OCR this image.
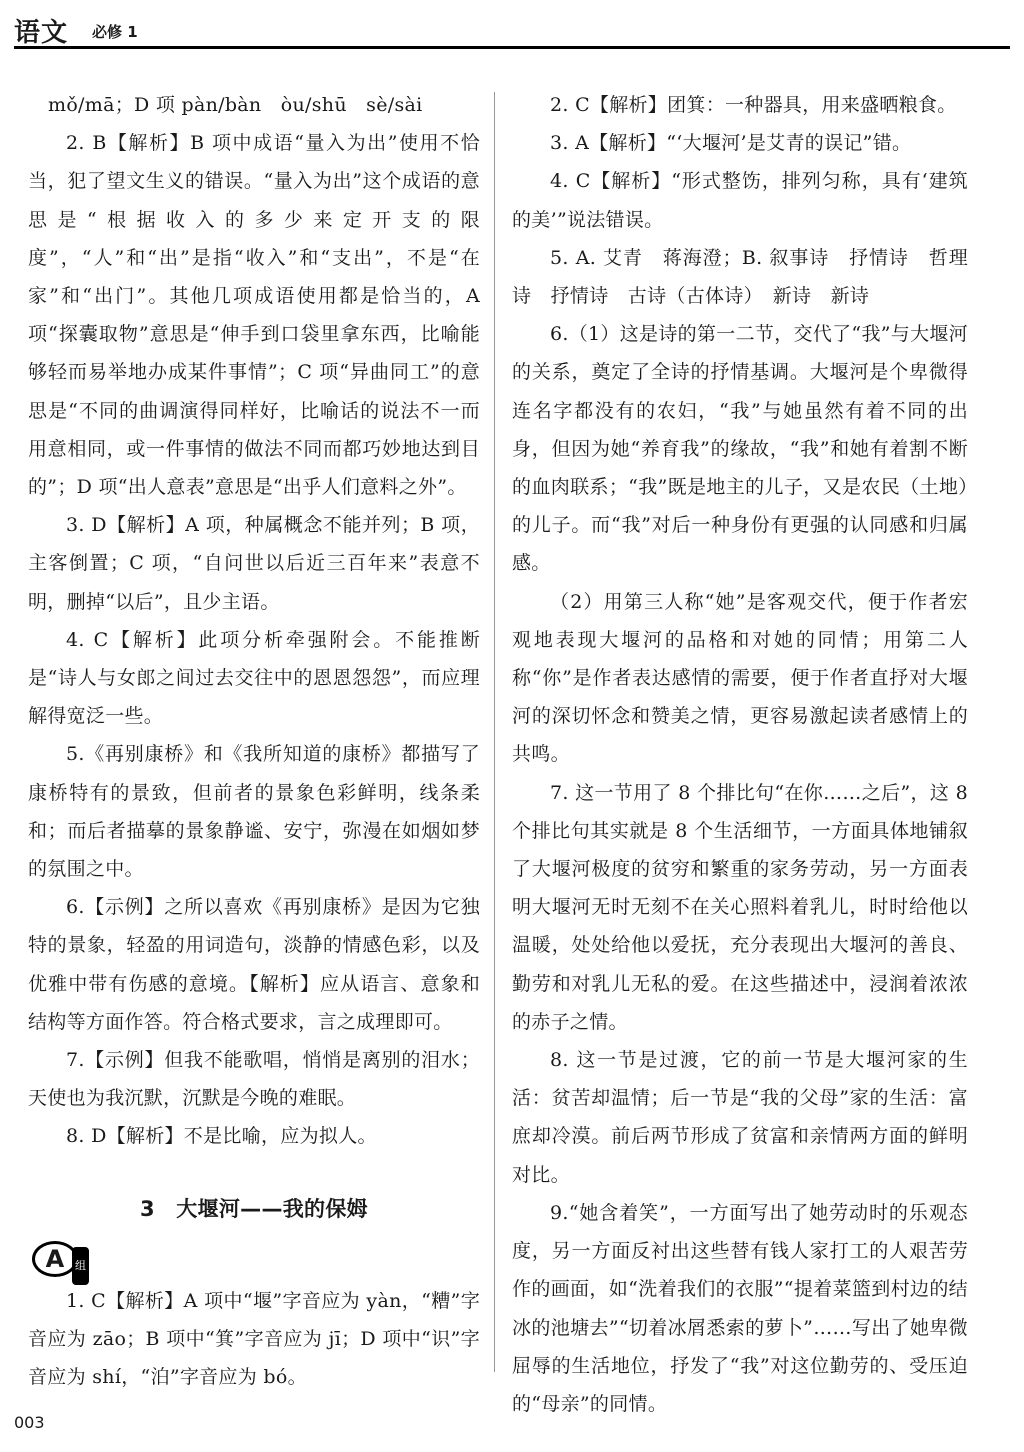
语文 必修 1

mǒ/mā；D 项 pàn/bàn　òu/shū　sè/sài

2. B【解析】B 项中成语“量入为出”使用不恰当，犯了望文生义的错误。“量入为出”这个成语的意思是“根据收入的多少来定开支的限度”，“人”和“出”是指“收入”和“支出”，不是“在家”和“出门”。其他几项成语使用都是恰当的，A 项“探囊取物”意思是“伸手到口袋里拿东西，比喻能够轻而易举地办成某件事情”；C 项“异曲同工”的意思是“不同的曲调演得同样好，比喻话的说法不一而用意相同，或一件事情的做法不同而都巧妙地达到目的”；D 项“出人意表”意思是“出乎人们意料之外”。

3. D【解析】A 项，种属概念不能并列；B 项，主客倒置；C 项，“自问世以后近三百年来”表意不明，删掉“以后”，且少主语。

4. C【解析】此项分析牵强附会。不能推断是“诗人与女郎之间过去交往中的恩恩怨怨”，而应理解得宽泛一些。

5.《再别康桥》和《我所知道的康桥》都描写了康桥特有的景致，但前者的景象色彩鲜明，线条柔和；而后者描摹的景象静谧、安宁，弥漫在如烟如梦的氛围之中。

6.【示例】之所以喜欢《再别康桥》是因为它独特的景象，轻盈的用词造句，淡静的情感色彩，以及优雅中带有伤感的意境。【解析】应从语言、意象和结构等方面作答。符合格式要求，言之成理即可。

7.【示例】但我不能歌唱，悄悄是离别的泪水；天使也为我沉默，沉默是今晚的难眠。

8. D【解析】不是比喻，应为拟人。

3　大堰河——我的保姆
A 组

1. C【解析】A 项中“堰”字音应为 yàn，“糟”字音应为 zāo；B 项中“箕”字音应为 jī；D 项中“识”字音应为 shí，“泊”字音应为 bó。

2. C【解析】团箕：一种器具，用来盛晒粮食。

3. A【解析】“‘大堰河’是艾青的误记”错。

4. C【解析】“形式整饬，排列匀称，具有‘建筑的美’”说法错误。

5. A. 艾青　蒋海澄；B. 叙事诗　抒情诗　哲理诗　抒情诗　古诗（古体诗）　新诗　新诗

6.（1）这是诗的第一二节，交代了“我”与大堰河的关系，奠定了全诗的抒情基调。大堰河是个卑微得连名字都没有的农妇，“我”与她虽然有着不同的出身，但因为她“养育我”的缘故，“我”和她有着割不断的血肉联系；“我”既是地主的儿子，又是农民（土地）的儿子。而“我”对后一种身份有更强的认同感和归属感。

（2）用第三人称“她”是客观交代，便于作者宏观地表现大堰河的品格和对她的同情；用第二人称“你”是作者表达感情的需要，便于作者直抒对大堰河的深切怀念和赞美之情，更容易激起读者感情上的共鸣。

7. 这一节用了 8 个排比句“在你……之后”，这 8 个排比句其实就是 8 个生活细节，一方面具体地铺叙了大堰河极度的贫穷和繁重的家务劳动，另一方面表明大堰河无时无刻不在关心照料着乳儿，时时给他以温暖，处处给他以爱抚，充分表现出大堰河的善良、勤劳和对乳儿无私的爱。在这些描述中，浸润着浓浓的赤子之情。

8. 这一节是过渡，它的前一节是大堰河家的生活：贫苦却温情；后一节是“我的父母”家的生活：富庶却冷漠。前后两节形成了贫富和亲情两方面的鲜明对比。

9.“她含着笑”，一方面写出了她劳动时的乐观态度，另一方面反衬出这些替有钱人家打工的人艰苦劳作的画面，如“洗着我们的衣服”“提着菜篮到村边的结冰的池塘去”“切着冰屑悉索的萝卜”……写出了她卑微屈辱的生活地位，抒发了“我”对这位勤劳的、受压迫的“母亲”的同情。

003
